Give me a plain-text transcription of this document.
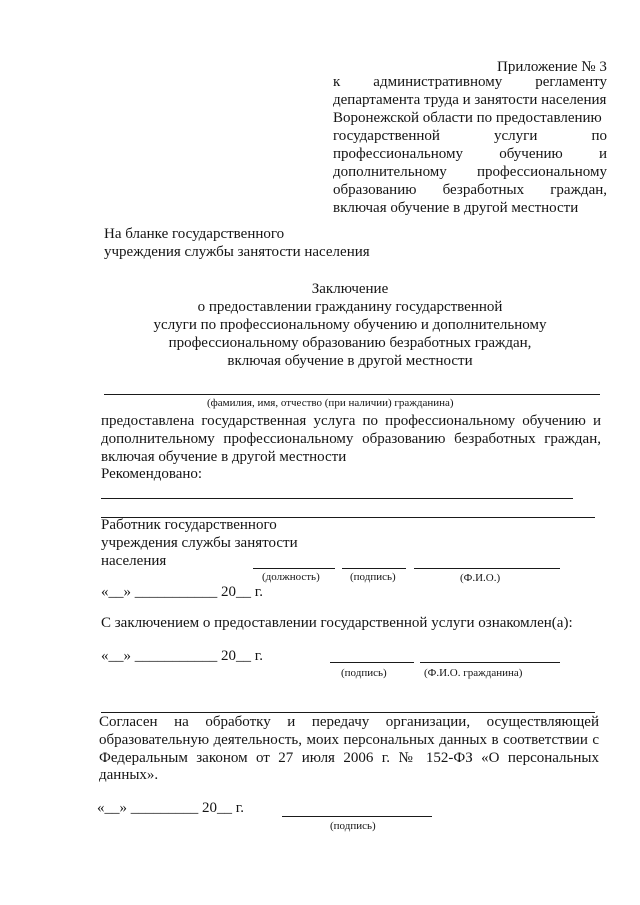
Приложение № 3

к административному регламенту

департамента труда и занятости населения

Воронежской области по предоставлению

государственной услуги по

профессиональному обучению и

дополнительному профессиональному

образованию безработных граждан,

включая обучение в другой местности

На бланке государственного

учреждения службы занятости населения

Заключение

о предоставлении гражданину государственной

услуги по профессиональному обучению и дополнительному

профессиональному образованию безработных граждан,

включая обучение в другой местности

(фамилия, имя, отчество (при наличии) гражданина)

предоставлена государственная услуга по профессиональному обучению и

дополнительному профессиональному образованию безработных граждан,

включая обучение в другой местности

Рекомендовано:

Работник государственного

учреждения службы занятости

населения

(должность)	(подпись)	(Ф.И.О.)

«__» ___________ 20__ г.

С заключением о предоставлении государственной услуги ознакомлен(а):

«__» ___________ 20__ г.

(подпись)	(Ф.И.О. гражданина)

Согласен на обработку и передачу организации, осуществляющей

образовательную деятельность, моих персональных данных в соответствии с

Федеральным законом от 27 июля 2006 г. № 152-ФЗ «О персональных

данных».

«__» _________ 20__ г.

(подпись)
